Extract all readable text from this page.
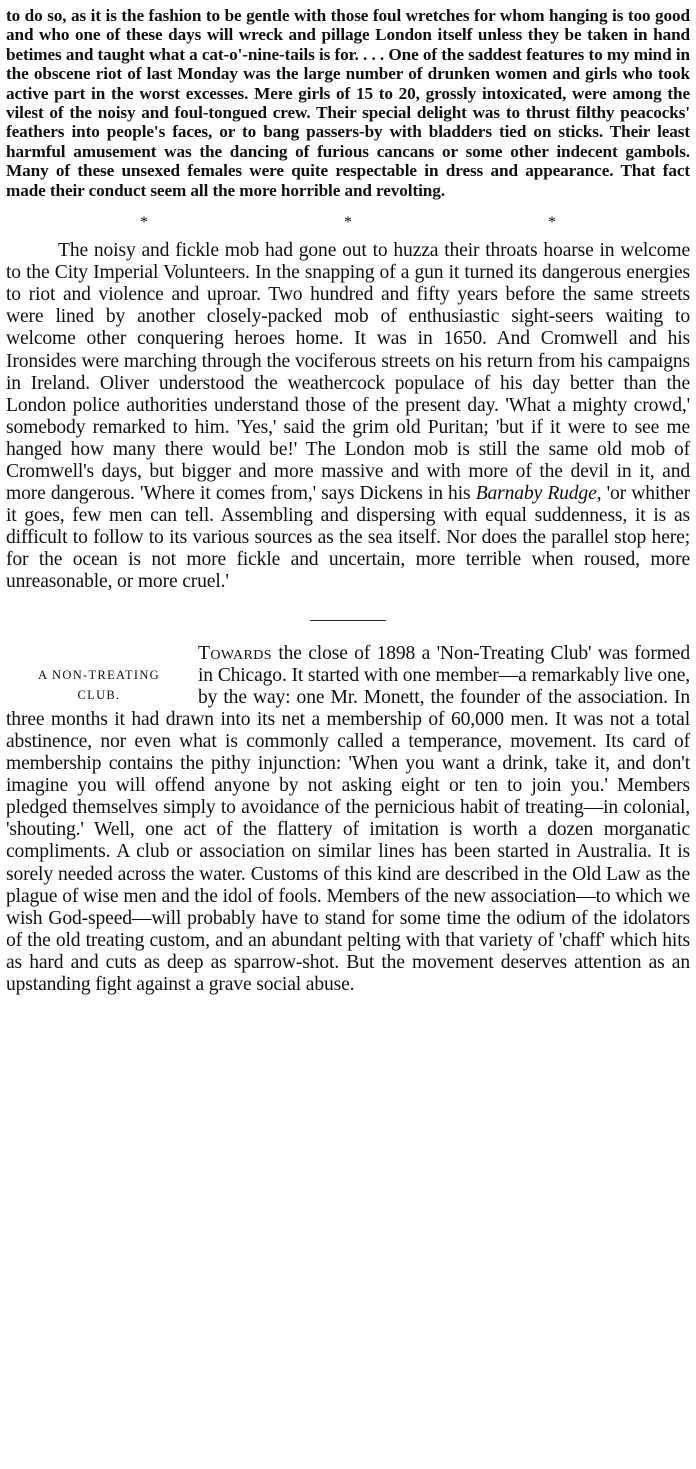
to do so, as it is the fashion to be gentle with those foul wretches for whom hanging is too good and who one of these days will wreck and pillage London itself unless they be taken in hand betimes and taught what a cat-o'-nine-tails is for. . . . One of the saddest features to my mind in the obscene riot of last Monday was the large number of drunken women and girls who took active part in the worst excesses. Mere girls of 15 to 20, grossly intoxicated, were among the vilest of the noisy and foul-tongued crew. Their special delight was to thrust filthy peacocks' feathers into people's faces, or to bang passers-by with bladders tied on sticks. Their least harmful amusement was the dancing of furious cancans or some other indecent gambols. Many of these unsexed females were quite respectable in dress and appearance. That fact made their conduct seem all the more horrible and revolting.

* * *

The noisy and fickle mob had gone out to huzza their throats hoarse in welcome to the City Imperial Volunteers. In the snapping of a gun it turned its dangerous energies to riot and violence and uproar. Two hundred and fifty years before the same streets were lined by another closely-packed mob of enthusiastic sight-seers waiting to welcome other conquering heroes home. It was in 1650. And Cromwell and his Ironsides were marching through the vociferous streets on his return from his campaigns in Ireland. Oliver understood the weathercock populace of his day better than the London police authorities understand those of the present day. 'What a mighty crowd,' somebody remarked to him. 'Yes,' said the grim old Puritan; 'but if it were to see me hanged how many there would be!' The London mob is still the same old mob of Cromwell's days, but bigger and more massive and with more of the devil in it, and more dangerous. 'Where it comes from,' says Dickens in his Barnaby Rudge, 'or whither it goes, few men can tell. Assembling and dispersing with equal suddenness, it is as difficult to follow to its various sources as the sea itself. Nor does the parallel stop here; for the ocean is not more fickle and uncertain, more terrible when roused, more unreasonable, or more cruel.'

A NON-TREATING
CLUB.

Towards the close of 1898 a 'Non-Treating Club' was formed in Chicago. It started with one member—a remarkably live one, by the way: one Mr. Monett, the founder of the association. In three months it had drawn into its net a membership of 60,000 men. It was not a total abstinence, nor even what is commonly called a temperance, movement. Its card of membership contains the pithy injunction: 'When you want a drink, take it, and don't imagine you will offend anyone by not asking eight or ten to join you.' Members pledged themselves simply to avoidance of the pernicious habit of treating—in colonial, 'shouting.' Well, one act of the flattery of imitation is worth a dozen morganatic compliments. A club or association on similar lines has been started in Australia. It is sorely needed across the water. Customs of this kind are described in the Old Law as the plague of wise men and the idol of fools. Members of the new association—to which we wish God-speed—will probably have to stand for some time the odium of the idolators of the old treating custom, and an abundant pelting with that variety of 'chaff' which hits as hard and cuts as deep as sparrow-shot. But the movement deserves attention as an upstanding fight against a grave social abuse.
